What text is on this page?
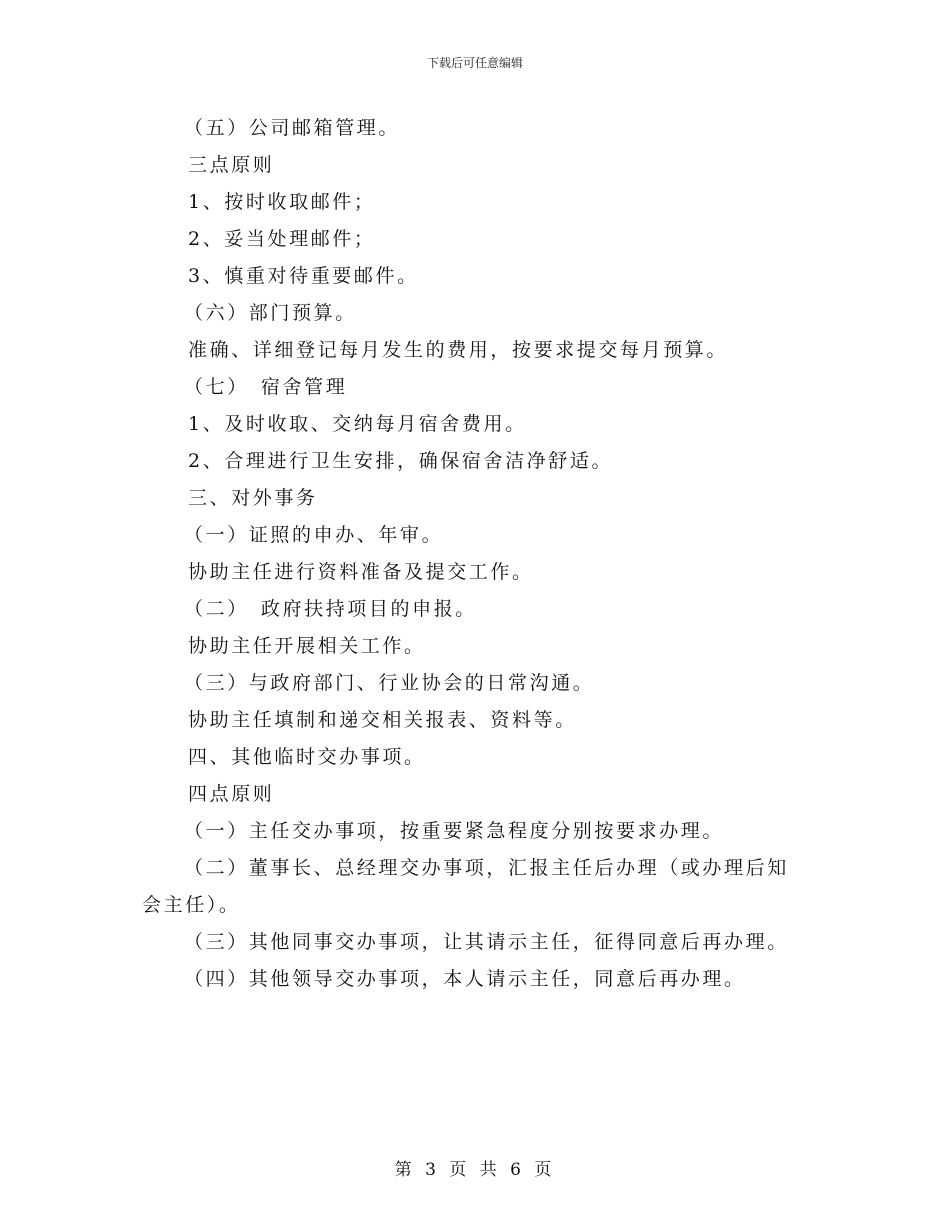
下载后可任意编辑
（五）公司邮箱管理。
三点原则
1、按时收取邮件；
2、妥当处理邮件；
3、慎重对待重要邮件。
（六）部门预算。
准确、详细登记每月发生的费用，按要求提交每月预算。
（七）　宿舍管理
1、及时收取、交纳每月宿舍费用。
2、合理进行卫生安排，确保宿舍洁净舒适。
三、对外事务
（一）证照的申办、年审。
协助主任进行资料准备及提交工作。
（二）　政府扶持项目的申报。
协助主任开展相关工作。
（三）与政府部门、行业协会的日常沟通。
协助主任填制和递交相关报表、资料等。
四、其他临时交办事项。
四点原则
（一）主任交办事项，按重要紧急程度分别按要求办理。
（二）董事长、总经理交办事项，汇报主任后办理（或办理后知
会主任）。
（三）其他同事交办事项，让其请示主任，征得同意后再办理。
（四）其他领导交办事项，本人请示主任，同意后再办理。
第 3 页 共 6 页
